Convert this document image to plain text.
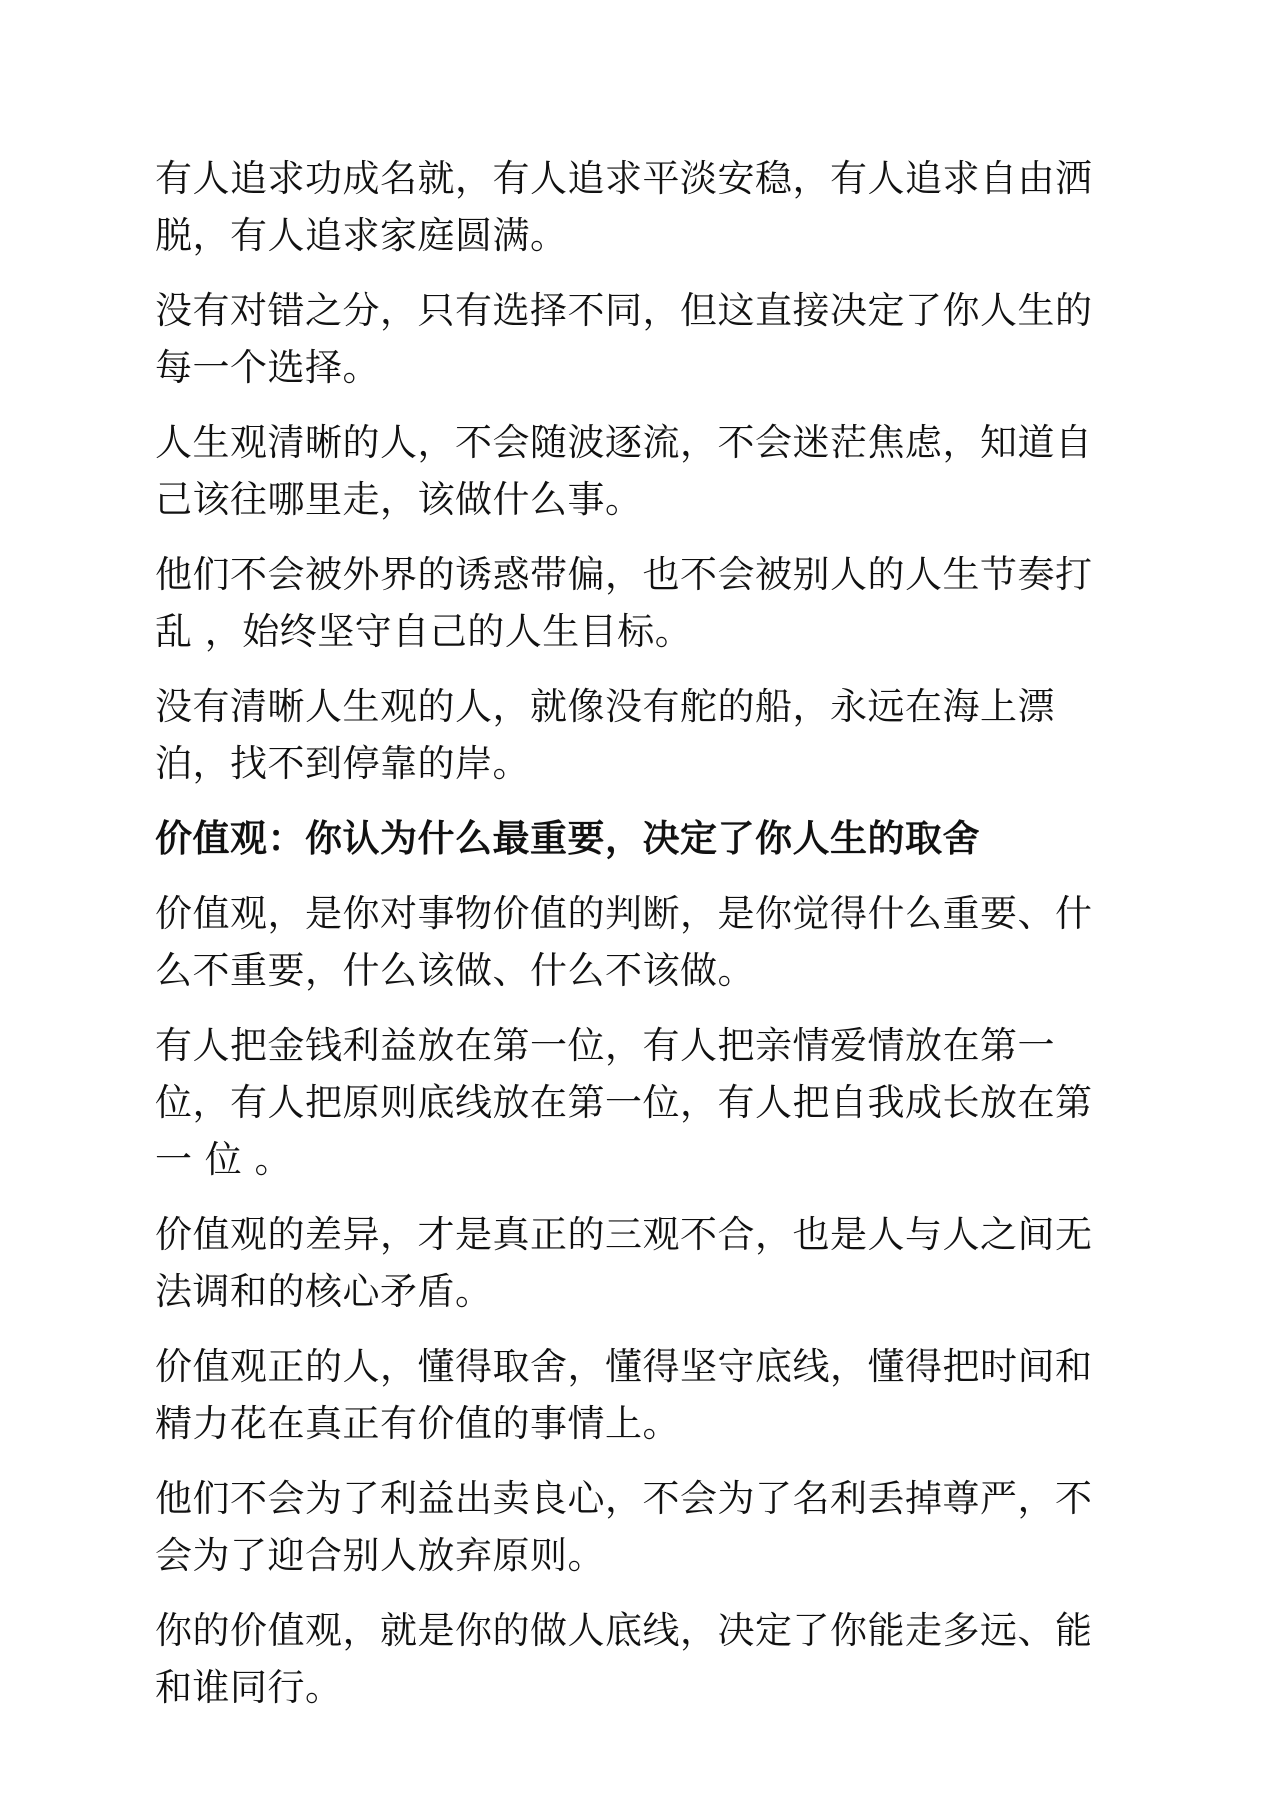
有人追求功成名就，有人追求平淡安稳，有人追求自由洒脱，有人追求家庭圆满。

没有对错之分，只有选择不同，但这直接决定了你人生的每一个选择。

人生观清晰的人，不会随波逐流，不会迷茫焦虑，知道自己该往哪里走，该做什么事。

他们不会被外界的诱惑带偏，也不会被别人的人生节奏打乱 ，始终坚守自己的人生目标。

没有清晰人生观的人，就像没有舵的船，永远在海上漂泊，找不到停靠的岸。

价值观：你认为什么最重要，决定了你人生的取舍

价值观，是你对事物价值的判断，是你觉得什么重要、什么不重要，什么该做、什么不该做。

有人把金钱利益放在第一位，有人把亲情爱情放在第一位，有人把原则底线放在第一位，有人把自我成长放在第一 位 。

价值观的差异，才是真正的三观不合，也是人与人之间无法调和的核心矛盾。

价值观正的人，懂得取舍，懂得坚守底线，懂得把时间和精力花在真正有价值的事情上。

他们不会为了利益出卖良心，不会为了名利丢掉尊严，不会为了迎合别人放弃原则。

你的价值观，就是你的做人底线，决定了你能走多远、能和谁同行。
